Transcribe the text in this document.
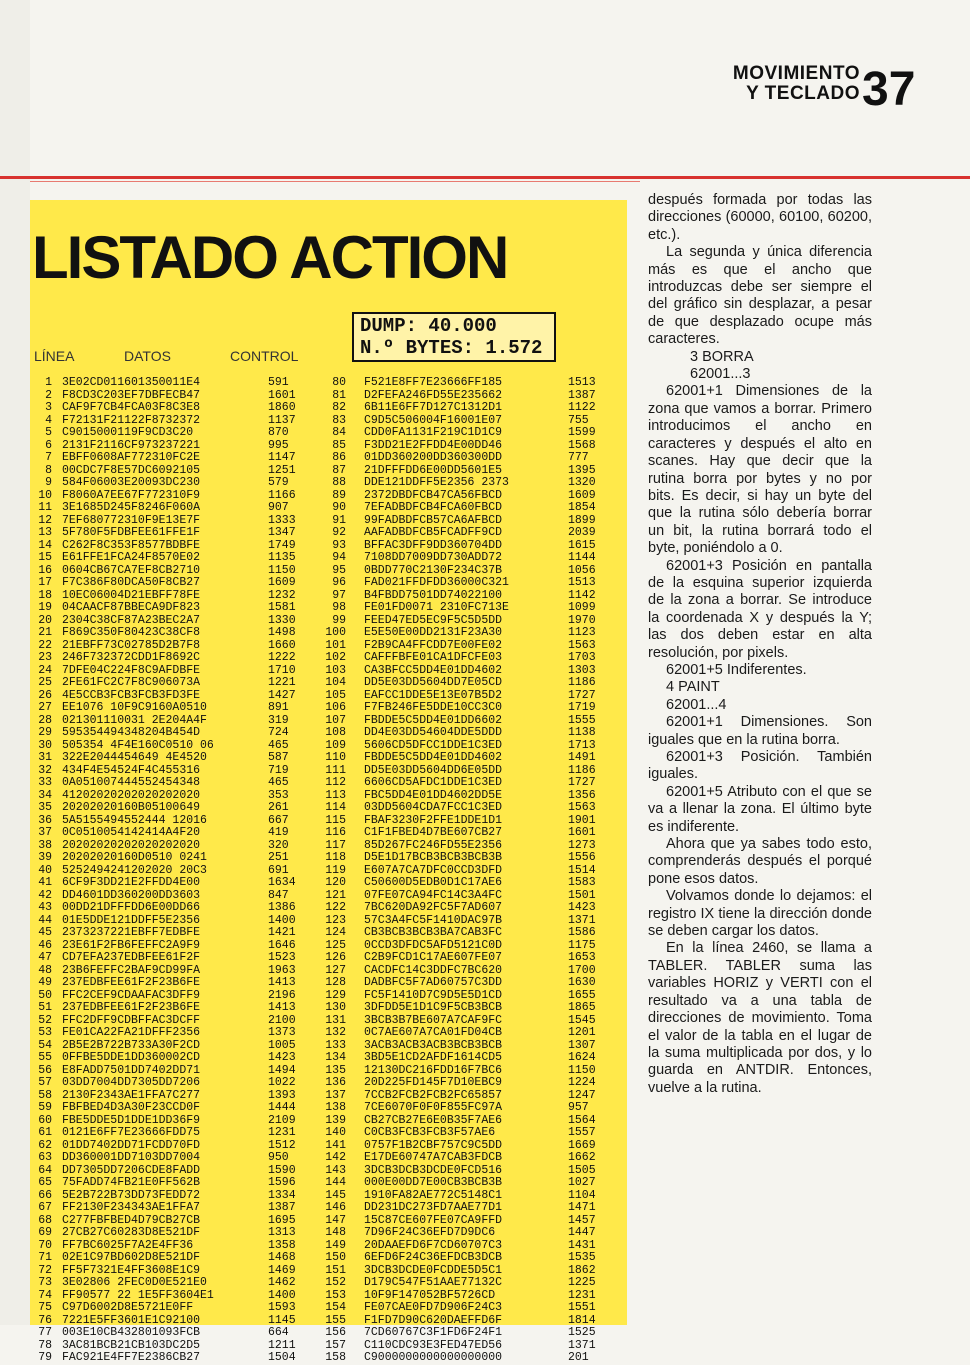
MOVIMIENTO
Y TECLADO 37
LISTADO ACTION
DUMP: 40.000
N.º BYTES: 1.572
LÍNEA	DATOS	CONTROL
1
2
3
4
5
6
7
8
9
10
11
12
13
14
15
16
17
18
19
20
21
22
23
24
25
26
27
28
29
30
31
32
33
34
35
36
37
38
39
40
41
42
43
44
45
46
47
48
49
50
51
52
53
54
55
56
57
58
59
60
61
62
63
64
65
66
67
68
69
70
71
72
73
74
75
76
77
78
79
3E02CD011601350011E4
F8CD3C203EF7DBFECB47
CAF9F7CB4FCA03F8C3E8
F72131F21122F8732372
C9015000119F9CD3C20
2131F2116CF973237221
EBFF0608AF772310FC2E
00CDC7F8E57DC6092105
584F06003E20093DC230
F8060A7EE67F772310F9
3E1685D245F8246F060A
7EF680772310F9E13E7F
5F780F5FDBFEE61FFE1F
C262F8C353F8577BDBFE
E61FFE1FCA24F8570E02
0604CB67CA7EF8CB2710
F7C386F80DCA50F8CB27
10EC06004D21EBFF78FE
04CAACF87BBECA9DF823
2304C38CF87A23BEC2A7
F869C350F80423C38CF8
21EBFF73C02785D2B7F8
246F732372CDD1F8692C
7DFE04C224F8C9AFDBFE
2FE61FC2C7F8C906073A
4E5CCB3FCB3FCB3FD3FE
EE1076 10F9C9160A0510
021301110031 2E204A4F
595354494348204B454D
505354 4F4E160C0510 06
322E2044454649 4E4520
434F4E54524F4C455316
0A051007444552454348
41202020202020202020
20202020160B05100649
5A5155494552444 12016
0C0510054142414A4F20
20202020202020202020
20202020160D0510 0241
5252494241202020 20C3
6CF9F3DD21E2FFDD4E00
DD4601DD360200DD3603
00DD21DFFFDD6E00DD66
01E5DDE121DDFF5E2356
2373237221EBFF7EDBFE
23E61F2FB6FEFFC2A9F9
CD7EFA237EDBFEE61F2F
23B6FEFFC2BAF9CD99FA
237EDBFEE61F2F23B6FE
FFC2CEF9CDAAFAC3DFF9
237EDBFEE61F2F23B6FE
FFC2DFF9CDBFFAC3DCFF
FE01CA22FA21DFFF2356
2B5E2B722B733A30F2CD
0FFBE5DDE1DD360002CD
E8FADD7501DD7402DD71
03DD7004DD7305DD7206
2130F2343AE1FFA7C277
FBFBED4D3A30F23CCD0F
FBE5DDE5D1DDE1DD36F9
0121E6FF7E23666FDD75
01DD7402DD71FCDD70FD
DD360001DD7103DD7004
DD7305DD7206CDE8FADD
75FADD74FB21E0FF562B
5E2B722B73DD73FEDD72
FF2130F234343AE1FFA7
C277FBFBED4D79CB27CB
27CB27C60283D8E521DF
FF7BC6025F7A2E4FF36
02E1C97BD602D8E521DF
FF5F7321E4FF3608E1C9
3E02806 2FEC0D0E521E0
FF90577 22 1E5FF3604E1
C97D6002D8E5721E0FF
7221E5FF3601E1C92100
003E10CB432801093FCB
3AC81BCB21CB103DC2D5
FAC921E4FF7E2386CB27
591
1601
1860
1137
870
995
1147
1251
579
1166
907
1333
1347
1749
1135
1150
1609
1232
1581
1330
1498
1660
1222
1710
1221
1427
891
319
724
465
587
719
465
353
261
667
419
320
251
691
1634
847
1386
1400
1421
1646
1523
1963
1413
2196
1413
2100
1373
1005
1423
1494
1022
1393
1444
2109
1231
1512
950
1590
1596
1334
1387
1695
1313
1358
1468
1469
1462
1400
1593
1145
664
1211
1504
80
81
82
83
84
85
86
87
88
89
90
91
92
93
94
95
96
97
98
99
100
101
102
103
104
105
106
107
108
109
110
111
112
113
114
115
116
117
118
119
120
121
122
123
124
125
126
127
128
129
130
131
132
133
134
135
136
137
138
139
140
141
142
143
144
145
146
147
148
149
150
151
152
153
154
155
156
157
158
F521E8FF7E23666FF185
D2FEFA246FD55E235662
6B11E6FF7D127C1312D1
C9D5C506004F16001E07
CDD0FA1131F219C1D1C9
F3DD21E2FFDD4E00DD46
01DD360200DD360300DD
21DFFFDD6E00DD5601E5
DDE121DDFF5E2356 2373
2372DBDFCB47CA56FBCD
7EFADBDFCB4FCA60FBCD
99FADBDFCB57CA6AFBCD
AAFADBDFCB5FCADFF9CD
BFFAC3DFF9DD360704DD
7108DD7009DD730ADD72
0BDD770C2130F234C37B
FAD021FFDFDD36000C321
B4FBDD7501DD74022100
FE01FD0071 2310FC713E
FEED47ED5EC9F5C5D5DD
E5E50E00DD2131F23A30
F2B9CA4FFCDD7E00FE02
CAFFFBFE01CA1DFCFE03
CA3BFCC5DD4E01DD4602
DD5E03DD5604DD7E05CD
EAFCC1DDE5E13E07B5D2
F7FB246FE5DDE10CC3C0
FBDDE5C5DD4E01DD6602
DD4E03DD54604DDE5DDD
5606CD5DFCC1DDE1C3ED
FBDDE5C5DD4E01DD4602
DD5E03DD5604DD6E05DD
6606CD5AFDC1DDE1C3ED
FBC5DD4E01DD4602DD5E
03DD5604CDA7FCC1C3ED
FBAF3230F2FFE1DDE1D1
C1F1FBED4D7BE607CB27
85D267FC246FD55E2356
D5E1D17BCB3BCB3BCB3B
E607A7CA7DFC0CCD3DFD
C50600D5EDB0D1C17AE6
07FE07CA94FC14C3A4FC
7BC620DA92FC5F7AD607
57C3A4FC5F1410DAC97B
CB3BCB3BCB3BA7CAB3FC
0CCD3DFDC5AFD5121C0D
C2B9FCD1C17AE607FE07
CACDFC14C3DDFC7BC620
DADBFC5F7AD60757C3DD
FC5F1410D7C9D5E5D1CD
3DFDD5E1D1C9F5CB3BCB
3BCB3B7BE607A7CAF9FC
0C7AE607A7CA01FD04CB
3ACB3ACB3ACB3BCB3BCB
3BD5E1CD2AFDF1614CD5
12130DC216FDD16F7BC6
20D225FD145F7D10EBC9
7CCB2FCB2FCB2FC65857
7CE6070F0F0F855FC97A
CB27CB27E6E0B35F7AE6
C0CB3FCB3FCB3F57AE6
0757F1B2CBF757C9C5DD
E17DE60747A7CAB3FDCB
3DCB3DCB3DCDE0FCD516
000E00DD7E00CB3BCB3B
1910FA82AE772C5148C1
DD231DC273FD7AAE77D1
15C87CE607FE07CA9FFD
7D96F24C36EFD7D9DC6
20DAAEFD6F7CD60707C3
6EFD6F24C36EFDCB3DCB
3DCB3DCDE0FCDDE5D5C1
D179C547F51AAE77132C
10F9F147052BF5726CD
FE07CAE0FD7D906F24C3
F1FD7D90C620DAEFFD6F
7CD60767C3F1FD6F24F1
C110CDC93E3FED47ED56
C9000000000000000000
1513
1387
1122
755
1599
1568
777
1395
1320
1609
1854
1899
2039
1615
1144
1056
1513
1142
1099
1970
1123
1563
1703
1303
1186
1727
1719
1555
1138
1713
1491
1186
1727
1356
1563
1901
1601
1273
1556
1514
1583
1501
1423
1371
1586
1175
1653
1700
1630
1655
1865
1545
1201
1307
1624
1150
1224
1247
957
1564
1557
1669
1662
1505
1027
1104
1471
1457
1447
1431
1535
1862
1225
1231
1551
1814
1525
1371
201

después formada por todas las direcciones (60000, 60100, 60200, etc.).

La segunda y única diferencia más es que el ancho que introduzcas debe ser siempre el del gráfico sin desplazar, a pesar de que desplazado ocupe más caracteres.

3 BORRA

62001...3

62001+1 Dimensiones de la zona que vamos a borrar. Primero introducimos el ancho en caracteres y después el alto en scanes. Hay que decir que la rutina borra por bytes y no por bits. Es decir, si hay un byte del que la rutina sólo debería borrar un bit, la rutina borrará todo el byte, poniéndolo a 0.

62001+3 Posición en pantalla de la esquina superior izquierda de la zona a borrar. Se introduce la coordenada X y después la Y; las dos deben estar en alta resolución, por pixels.

62001+5 Indiferentes.

4 PAINT

62001...4

62001+1 Dimensiones. Son iguales que en la rutina borra.

62001+3 Posición. También iguales.

62001+5 Atributo con el que se va a llenar la zona. El último byte es indiferente.

Ahora que ya sabes todo esto, comprenderás después el porqué pone esos datos.

Volvamos donde lo dejamos: el registro IX tiene la dirección donde se deben cargar los datos.

En la línea 2460, se llama a TABLER. TABLER suma las variables HORIZ y VERTI con el resultado va a una tabla de direcciones de movimiento. Toma el valor de la tabla en el lugar de la suma multiplicada por dos, y lo guarda en ANTDIR. Entonces, vuelve a la rutina.
